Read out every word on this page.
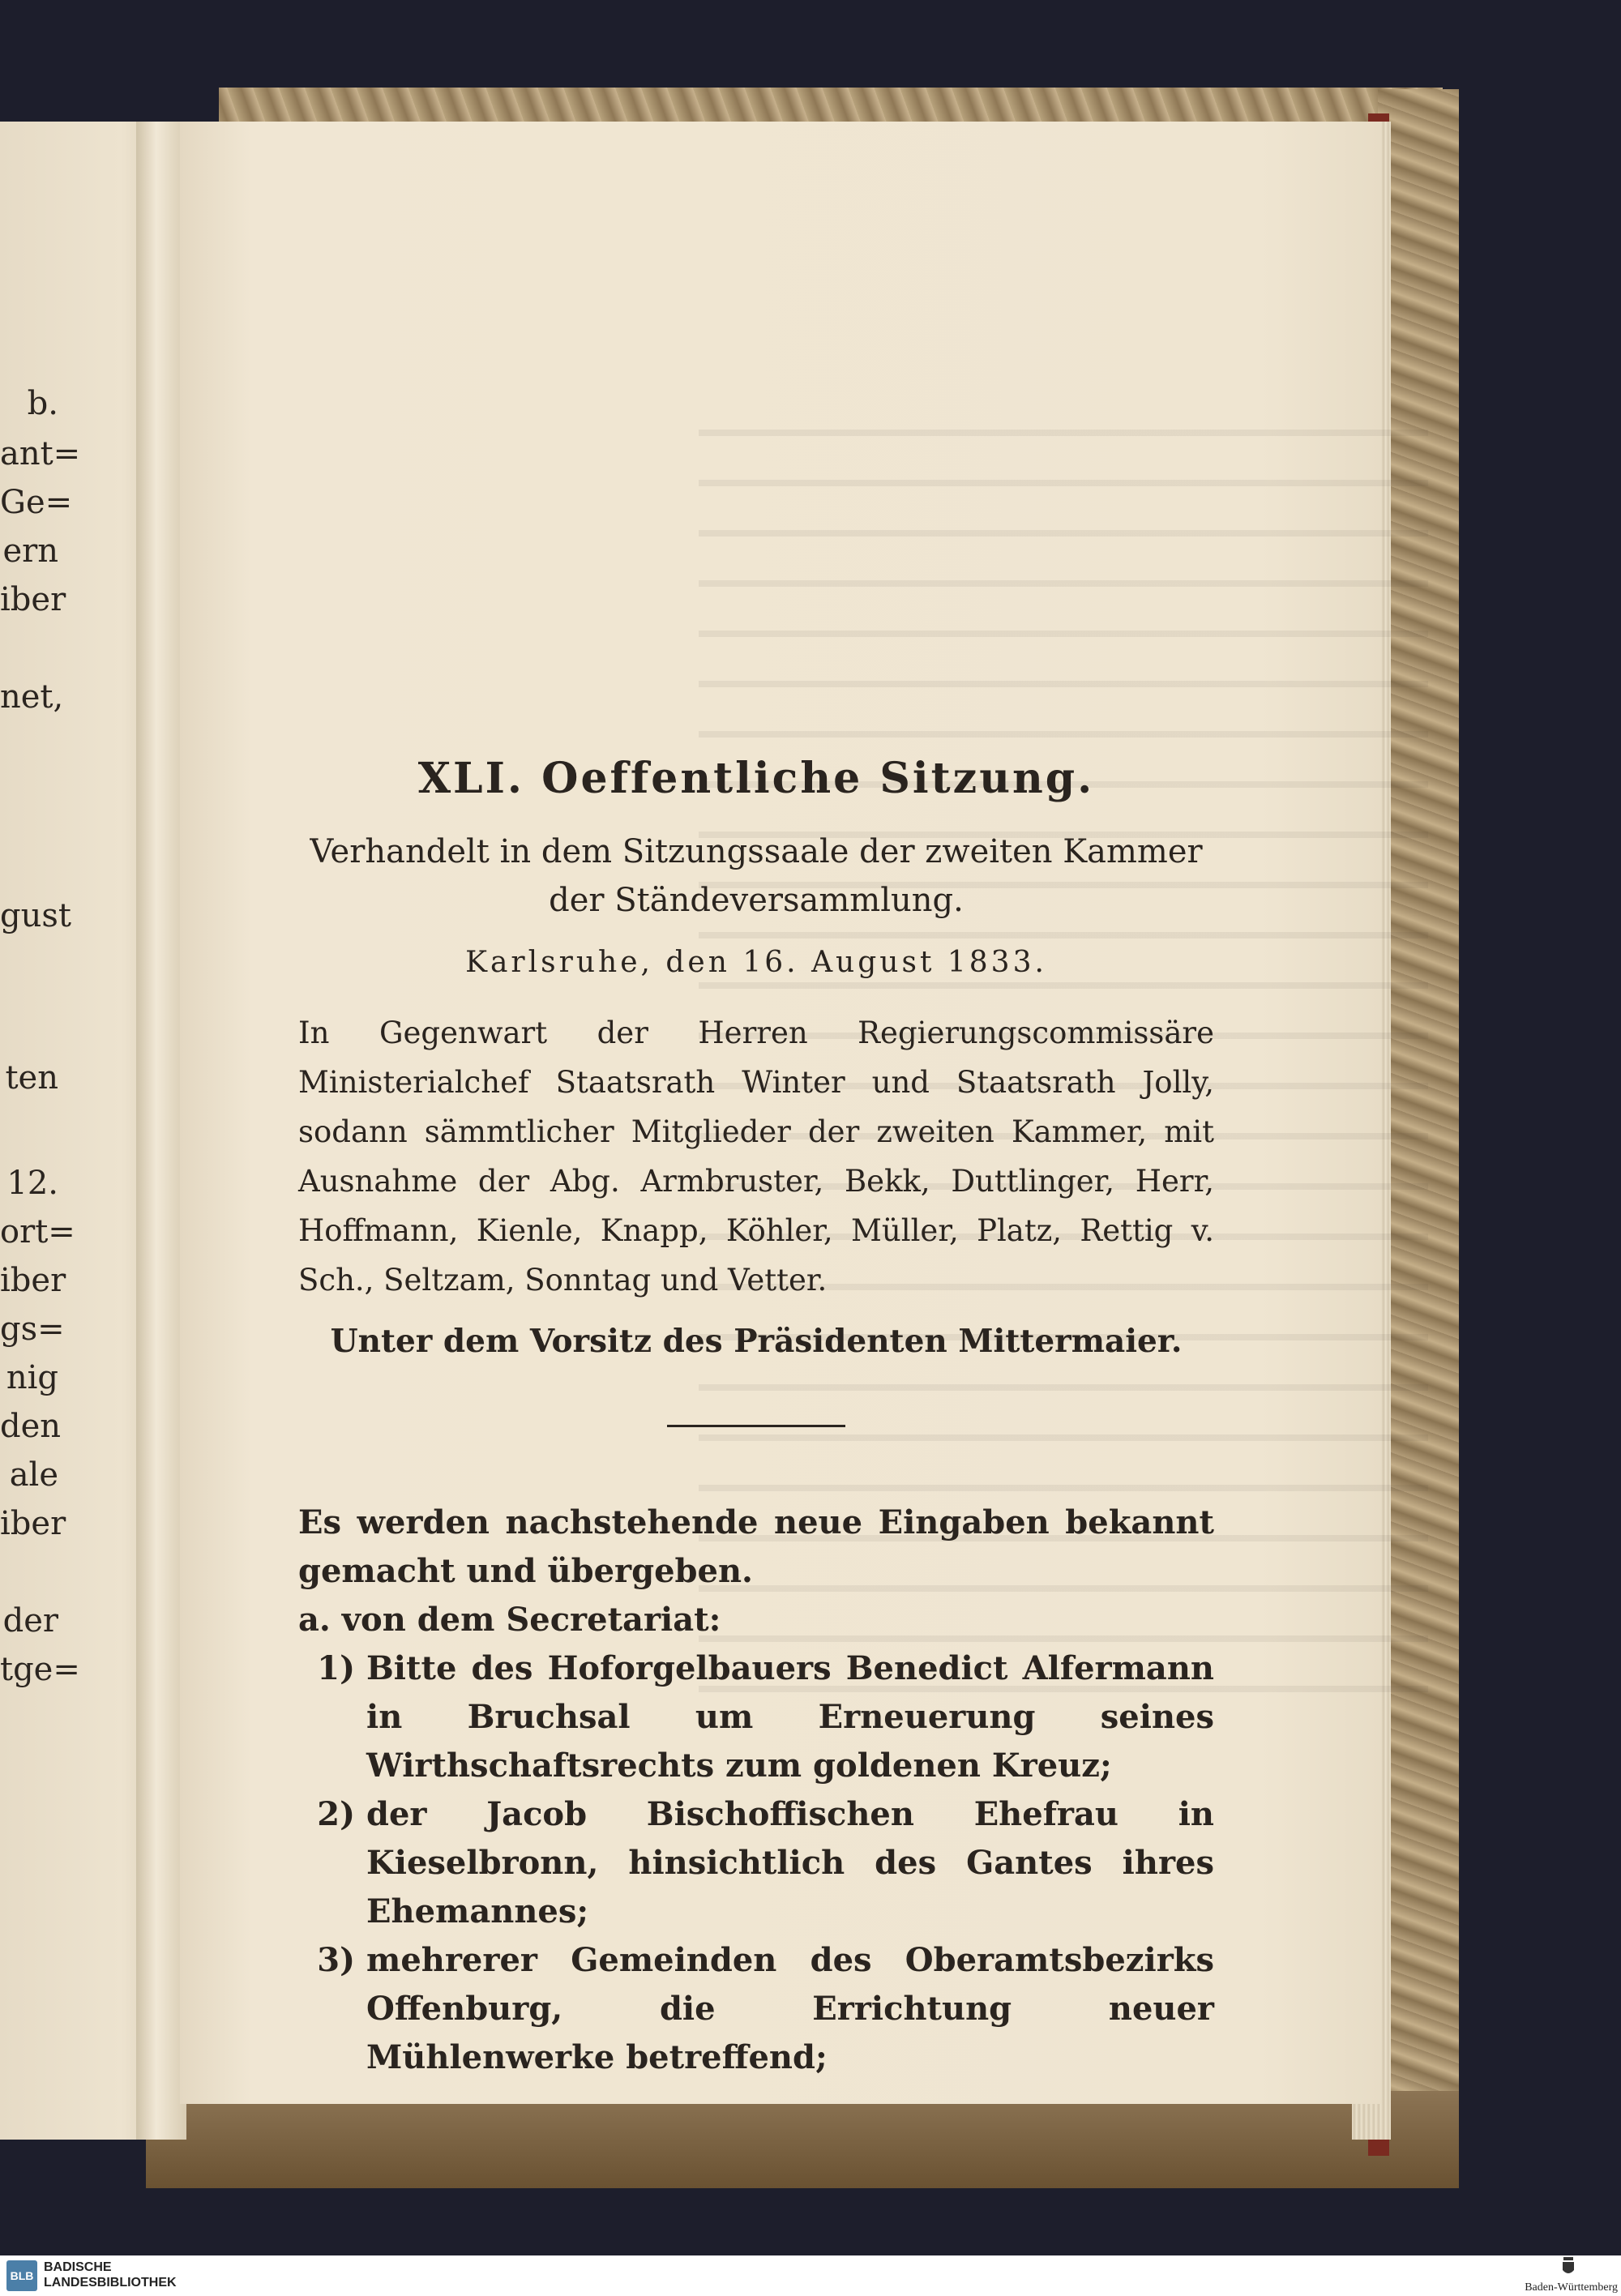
b.
ant=
Ge=
ern
iber
net,
gust
ten
12.
ort=
iber
gs=
nig
den
ale
iber
der
tge=
XLI. Oeffentliche Sitzung.

Verhandelt in dem Sitzungssaale der zweiten Kammer der Ständeversammlung.

Karlsruhe, den 16. August 1833.

In Gegenwart der Herren Regierungscommissäre Ministerialchef Staatsrath Winter und Staatsrath Jolly, sodann sämmtlicher Mitglieder der zweiten Kammer, mit Ausnahme der Abg. Armbruster, Bekk, Duttlinger, Herr, Hoffmann, Kienle, Knapp, Köhler, Müller, Platz, Rettig v. Sch., Seltzam, Sonntag und Vetter.

Unter dem Vorsitz des Präsidenten Mittermaier.

Es werden nachstehende neue Eingaben bekannt gemacht und übergeben.

a. von dem Secretariat:

1) Bitte des Hoforgelbauers Benedict Alfermann in Bruchsal um Erneuerung seines Wirthschaftsrechts zum goldenen Kreuz;
2) der Jacob Bischoffischen Ehefrau in Kieselbronn, hinsichtlich des Gantes ihres Ehemannes;
3) mehrerer Gemeinden des Oberamtsbezirks Offenburg, die Errichtung neuer Mühlenwerke betreffend;
BLB
BADISCHE
LANDESBIBLIOTHEK	Baden-Württemberg
